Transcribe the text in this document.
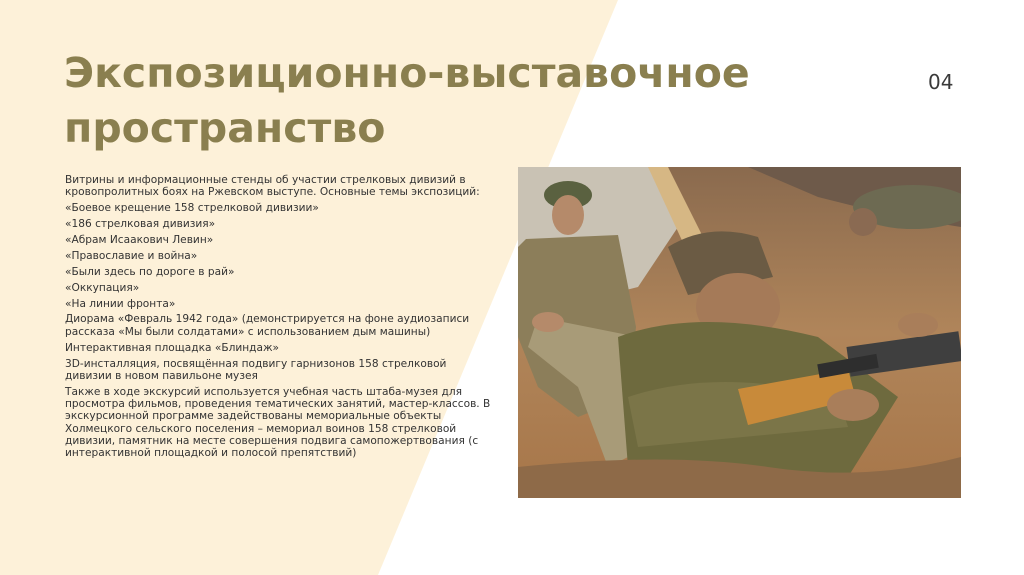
Экспозиционно-выставочное пространство
04

Витрины и информационные стенды об участии стрелковых дивизий в кровопролитных боях на Ржевском выступе. Основные темы экспозиций:

«Боевое крещение 158 стрелковой дивизии»

«186 стрелковая дивизия»

«Абрам Исаакович Левин»

«Православие и война»

«Были здесь по дороге в рай»

«Оккупация»

«На линии фронта»

Диорама «Февраль 1942 года» (демонстрируется на фоне аудиозаписи рассказа «Мы были солдатами» с использованием дым машины)

Интерактивная площадка «Блиндаж»

3D-инсталляция, посвящённая подвигу гарнизонов 158 стрелковой дивизии в новом павильоне музея

Также в ходе экскурсий используется учебная часть штаба-музея для просмотра фильмов, проведения тематических занятий, мастер-классов. В экскурсионной программе задействованы мемориальные объекты Холмецкого сельского поселения – мемориал воинов 158 стрелковой дивизии, памятник на месте совершения подвига самопожертвования (с интерактивной площадкой и полосой препятствий)
